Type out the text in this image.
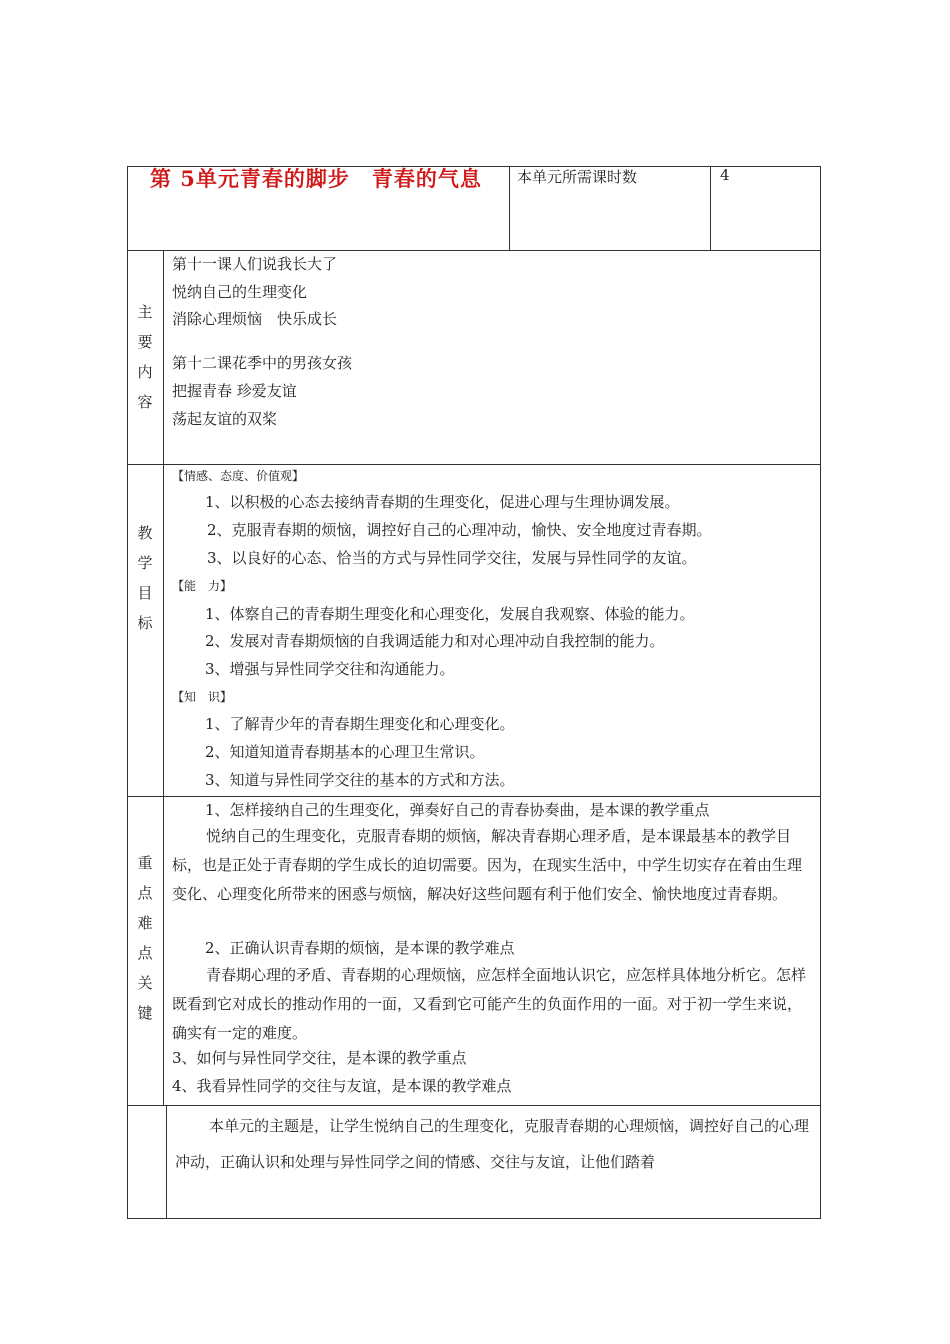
第 5单元青春的脚步　青春的气息 本单元所需课时数	4
主
要
内
容
第十一课人们说我长大了
悦纳自己的生理变化
消除心理烦恼　快乐成长
第十二课花季中的男孩女孩
把握青春 珍爱友谊
荡起友谊的双桨
教
学
目
标
【情感、态度、价值观】
1、以积极的心态去接纳青春期的生理变化，促进心理与生理协调发展。
2、克服青春期的烦恼，调控好自己的心理冲动，愉快、安全地度过青春期。
3、以良好的心态、恰当的方式与异性同学交往，发展与异性同学的友谊。
【能　力】
1、体察自己的青春期生理变化和心理变化，发展自我观察、体验的能力。
2、发展对青春期烦恼的自我调适能力和对心理冲动自我控制的能力。
3、增强与异性同学交往和沟通能力。
【知　识】
1、了解青少年的青春期生理变化和心理变化。
2、知道知道青春期基本的心理卫生常识。
3、知道与异性同学交往的基本的方式和方法。
重
点
难
点
关
键
1、怎样接纳自己的生理变化，弹奏好自己的青春协奏曲，是本课的教学重点
悦纳自己的生理变化，克服青春期的烦恼，解决青春期心理矛盾，是本课最基本的教学目标，也是正处于青春期的学生成长的迫切需要。因为，在现实生活中，中学生切实存在着由生理变化、心理变化所带来的困惑与烦恼，解决好这些问题有利于他们安全、愉快地度过青春期。
2、正确认识青春期的烦恼，是本课的教学难点
青春期心理的矛盾、青春期的心理烦恼，应怎样全面地认识它，应怎样具体地分析它。怎样既看到它对成长的推动作用的一面，又看到它可能产生的负面作用的一面。对于初一学生来说，确实有一定的难度。
3、如何与异性同学交往，是本课的教学重点
4、我看异性同学的交往与友谊，是本课的教学难点
本单元的主题是，让学生悦纳自己的生理变化，克服青春期的心理烦恼，调控好自己的心理冲动，正确认识和处理与异性同学之间的情感、交往与友谊，让他们踏着
